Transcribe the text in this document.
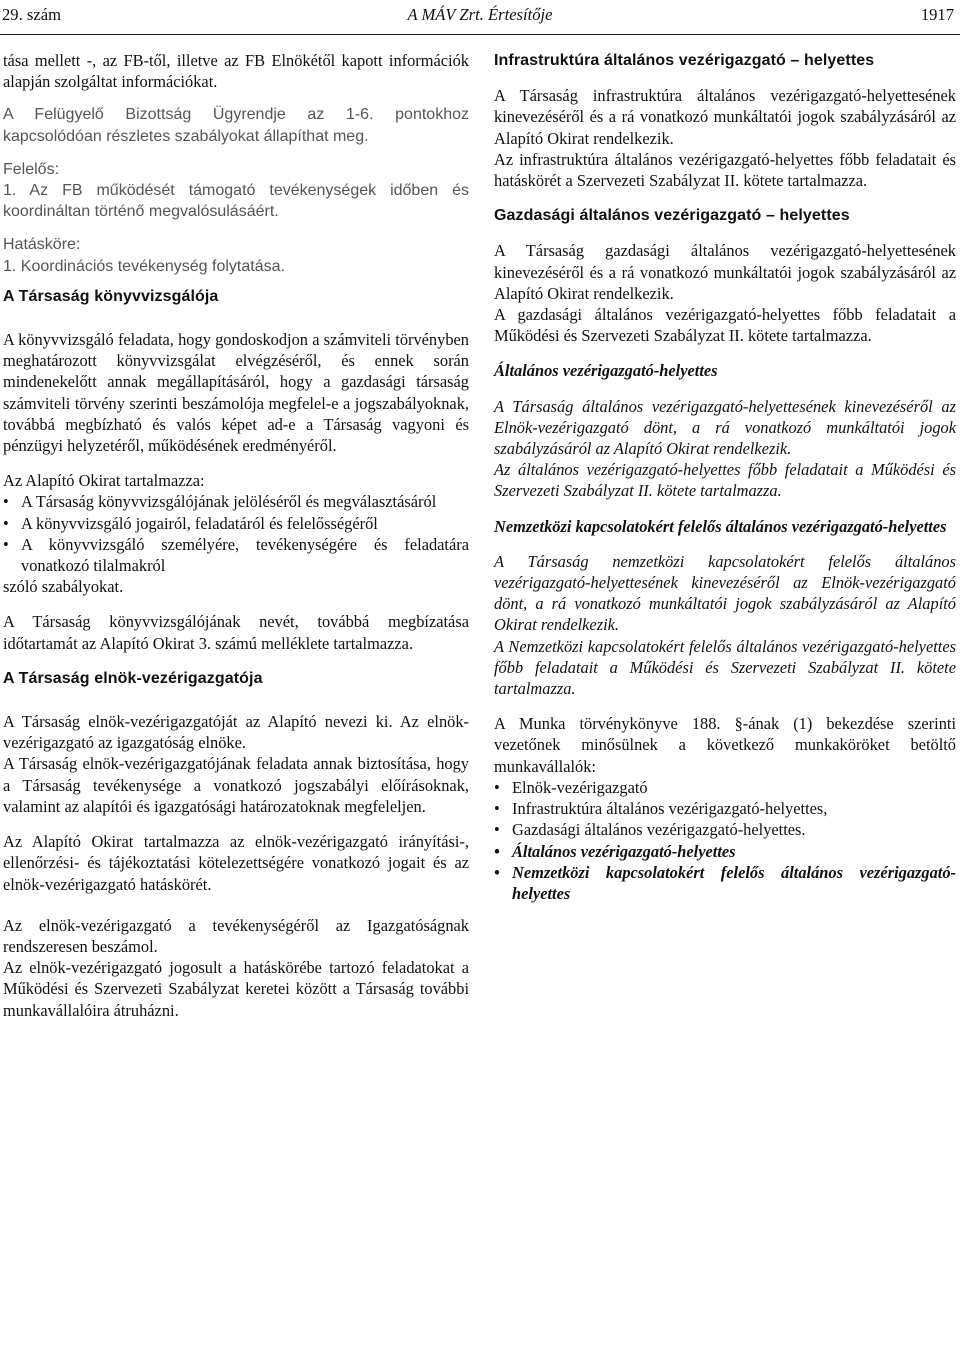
29. szám	A MÁV Zrt. Értesítője	1917

tása mellett -, az FB-től, illetve az FB Elnökétől kapott információk alapján szolgáltat információkat.

A Felügyelő Bizottság Ügyrendje az 1-6. pontokhoz kapcsolódóan részletes szabályokat állapíthat meg.

Felelős:

1. Az FB működését támogató tevékenységek időben és koordináltan történő megvalósulásáért.

Hatásköre:

1. Koordinációs tevékenység folytatása.

A Társaság könyvvizsgálója

A könyvvizsgáló feladata, hogy gondoskodjon a számviteli törvényben meghatározott könyvvizsgálat elvégzéséről, és ennek során mindenekelőtt annak megállapításáról, hogy a gazdasági társaság számviteli törvény szerinti beszámolója megfelel-e a jogszabályoknak, továbbá megbízható és valós képet ad-e a Társaság vagyoni és pénzügyi helyzetéről, működésének eredményéről.

Az Alapító Okirat tartalmazza:

• A Társaság könyvvizsgálójának jelöléséről és megválasztásáról
• A könyvvizsgáló jogairól, feladatáról és felelősségéről
• A könyvvizsgáló személyére, tevékenységére és feladatára vonatkozó tilalmakról

szóló szabályokat.

A Társaság könyvvizsgálójának nevét, továbbá megbízatása időtartamát az Alapító Okirat 3. számú melléklete tartalmazza.

A Társaság elnök-vezérigazgatója

A Társaság elnök-vezérigazgatóját az Alapító nevezi ki. Az elnök-vezérigazgató az igazgatóság elnöke.

A Társaság elnök-vezérigazgatójának feladata annak biztosítása, hogy a Társaság tevékenysége a vonatkozó jogszabályi előírásoknak, valamint az alapítói és igazgatósági határozatoknak megfeleljen.

Az Alapító Okirat tartalmazza az elnök-vezérigazgató irányítási-, ellenőrzési- és tájékoztatási kötelezettségére vonatkozó jogait és az elnök-vezérigazgató hatáskörét.

Az elnök-vezérigazgató a tevékenységéről az Igazgatóságnak rendszeresen beszámol.

Az elnök-vezérigazgató jogosult a hatáskörébe tartozó feladatokat a Működési és Szervezeti Szabályzat keretei között a Társaság további munkavállalóira átruházni.

Infrastruktúra általános vezérigazgató – helyettes

A Társaság infrastruktúra általános vezérigazgató-helyettesének kinevezéséről és a rá vonatkozó munkáltatói jogok szabályzásáról az Alapító Okirat rendelkezik.

Az infrastruktúra általános vezérigazgató-helyettes főbb feladatait és hatáskörét a Szervezeti Szabályzat II. kötete tartalmazza.

Gazdasági általános vezérigazgató – helyettes

A Társaság gazdasági általános vezérigazgató-helyettesének kinevezéséről és a rá vonatkozó munkáltatói jogok szabályzásáról az Alapító Okirat rendelkezik.

A gazdasági általános vezérigazgató-helyettes főbb feladatait a Működési és Szervezeti Szabályzat II. kötete tartalmazza.

Általános vezérigazgató-helyettes

A Társaság általános vezérigazgató-helyettesének kinevezéséről az Elnök-vezérigazgató dönt, a rá vonatkozó munkáltatói jogok szabályzásáról az Alapító Okirat rendelkezik.

Az általános vezérigazgató-helyettes főbb feladatait a Működési és Szervezeti Szabályzat II. kötete tartalmazza.

Nemzetközi kapcsolatokért felelős általános vezérigazgató-helyettes

A Társaság nemzetközi kapcsolatokért felelős általános vezérigazgató-helyettesének kinevezéséről az Elnök-vezérigazgató dönt, a rá vonatkozó munkáltatói jogok szabályzásáról az Alapító Okirat rendelkezik.

A Nemzetközi kapcsolatokért felelős általános vezérigazgató-helyettes főbb feladatait a Működési és Szervezeti Szabályzat II. kötete tartalmazza.

A Munka törvénykönyve 188. §-ának (1) bekezdése szerinti vezetőnek minősülnek a következő munkaköröket betöltő munkavállalók:

• Elnök-vezérigazgató
• Infrastruktúra általános vezérigazgató-helyettes,
• Gazdasági általános vezérigazgató-helyettes.
• Általános vezérigazgató-helyettes
• Nemzetközi kapcsolatokért felelős általános vezérigazgató-helyettes
